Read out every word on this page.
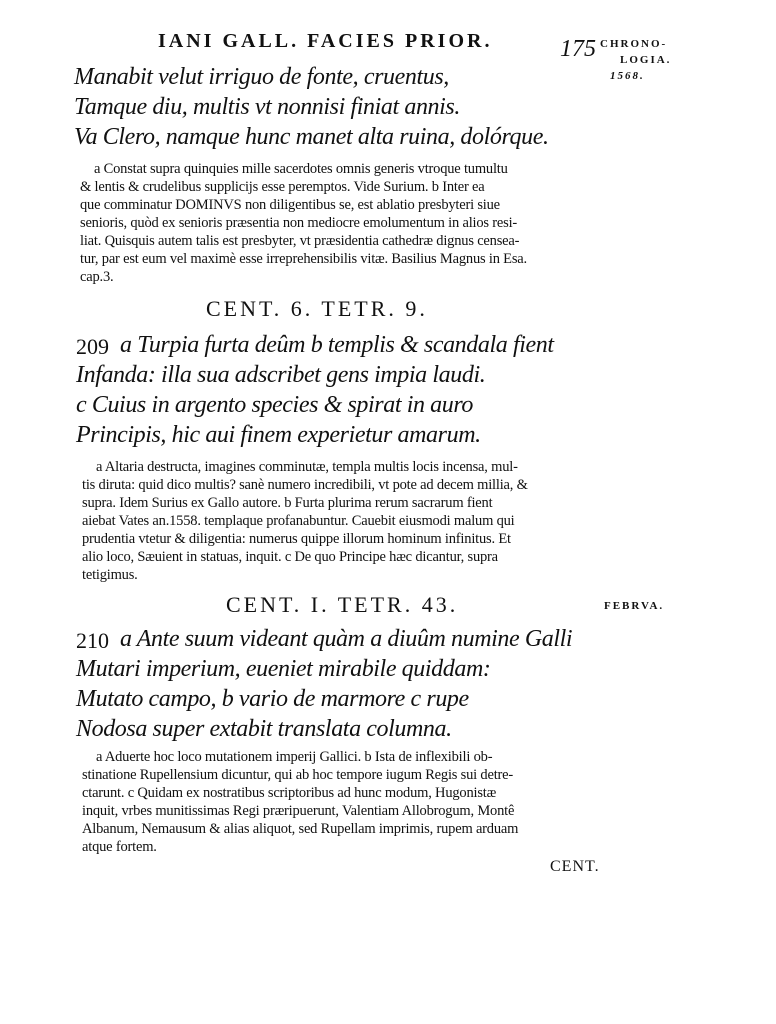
IANI GALL. FACIES PRIOR.	175 CHRONO-
LOGIA.
1568.
Manabit velut irriguo de fonte, cruentus,
Tamque diu, multis vt nonnisi finiat annis.
Va Clero, namque hunc manet alta ruina, dolórque.

a Constat supra quinquies mille sacerdotes omnis generis vtroque tumultu

& lentis & crudelibus supplicijs esse peremptos. Vide Surium. b Inter ea

que comminatur DOMINVS non diligentibus se, est ablatio presbyteri siue

senioris, quòd ex senioris præsentia non mediocre emolumentum in alios resi-

liat. Quisquis autem talis est presbyter, vt præsidentia cathedræ dignus censea-

tur, par est eum vel maximè esse irreprehensibilis vitæ. Basilius Magnus in Esa.

cap.3.

CENT. 6. TETR. 9.
209 a Turpia furta deûm b templis & scandala fient
Infanda: illa sua adscribet gens impia laudi.
c Cuius in argento species & spirat in auro
Principis, hic aui finem experietur amarum.

a Altaria destructa, imagines comminutæ, templa multis locis incensa, mul-

tis diruta: quid dico multis? sanè numero incredibili, vt pote ad decem millia, &

supra. Idem Surius ex Gallo autore. b Furta plurima rerum sacrarum fient

aiebat Vates an.1558. templaque profanabuntur. Cauebit eiusmodi malum qui

prudentia vtetur & diligentia: numerus quippe illorum hominum infinitus. Et

alio loco, Sæuient in statuas, inquit. c De quo Principe hæc dicantur, supra

tetigimus.

CENT. I. TETR. 43.	FEBRVA.
210 a Ante suum videant quàm a diuûm numine Galli
Mutari imperium, eueniet mirabile quiddam:
Mutato campo, b vario de marmore c rupe
Nodosa super extabit translata columna.

a Aduerte hoc loco mutationem imperij Gallici. b Ista de inflexibili ob-

stinatione Rupellensium dicuntur, qui ab hoc tempore iugum Regis sui detre-

ctarunt. c Quidam ex nostratibus scriptoribus ad hunc modum, Hugonistæ

inquit, vrbes munitissimas Regi præripuerunt, Valentiam Allobrogum, Montê

Albanum, Nemausum & alias aliquot, sed Rupellam imprimis, rupem arduam

atque fortem.

CENT.
